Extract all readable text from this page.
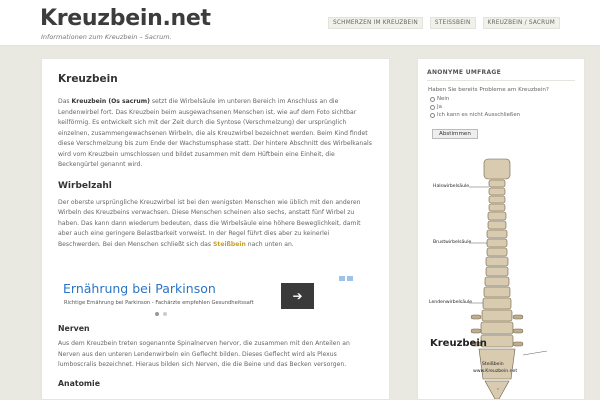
Kreuzbein.net
Informationen zum Kreuzbein – Sacrum.
SCHMERZEN IM KREUZBEIN	STEISSBEIN	KREUZBEIN / SACRUM
Kreuzbein

Das Kreuzbein (Os sacrum) setzt die Wirbelsäule im unteren Bereich im Anschluss an die Lendenwirbel fort. Das Kreuzbein beim ausgewachsenen Menschen ist, wie auf dem Foto sichtbar keilförmig. Es entwickelt sich mit der Zeit durch die Syntose (Verschmelzung) der ursprünglich einzelnen, zusammengewachsenen Wirbeln, die als Kreuzwirbel bezeichnet werden. Beim Kind findet diese Verschmelzung bis zum Ende der Wachstumsphase statt. Der hintere Abschnitt des Wirbelkanals wird vom Kreuzbein umschlossen und bildet zusammen mit dem Hüftbein eine Einheit, die Beckengürtel genannt wird.

Wirbelzahl

Der oberste ursprüngliche Kreuzwirbel ist bei den wenigsten Menschen wie üblich mit den anderen Wirbeln des Kreuzbeins verwachsen. Diese Menschen scheinen also sechs, anstatt fünf Wirbel zu haben. Das kann dann wiederum bedeuten, dass die Wirbelsäule eine höhere Beweglichkeit, damit aber auch eine geringere Belastbarkeit vorweist. In der Regel führt dies aber zu keinerlei Beschwerden. Bei den Menschen schließt sich das Steißbein nach unten an.

Ernährung bei Parkinson
Richtige Ernährung bei Parkinson - Fachärzte empfehlen Gesundheitssaft	➔
Nerven

Aus dem Kreuzbein treten sogenannte Spinalnerven hervor, die zusammen mit den Anteilen an Nerven aus den unteren Lendenwirbeln ein Geflecht bilden. Dieses Geflecht wird als Plexus lumboscralis bezeichnet. Hieraus bilden sich Nerven, die die Beine und das Becken versorgen.

Anatomie
ANONYME UMFRAGE
Haben Sie bereits Probleme am Kreuzbein?
Nein
Ja
Ich kann es nicht Ausschließen
Abstimmen
Halswirbelsäule
Brustwirbelsäule
Lendenwirbelsäule
Kreuzbein
Steißbein
www.Kreuzbein.net
